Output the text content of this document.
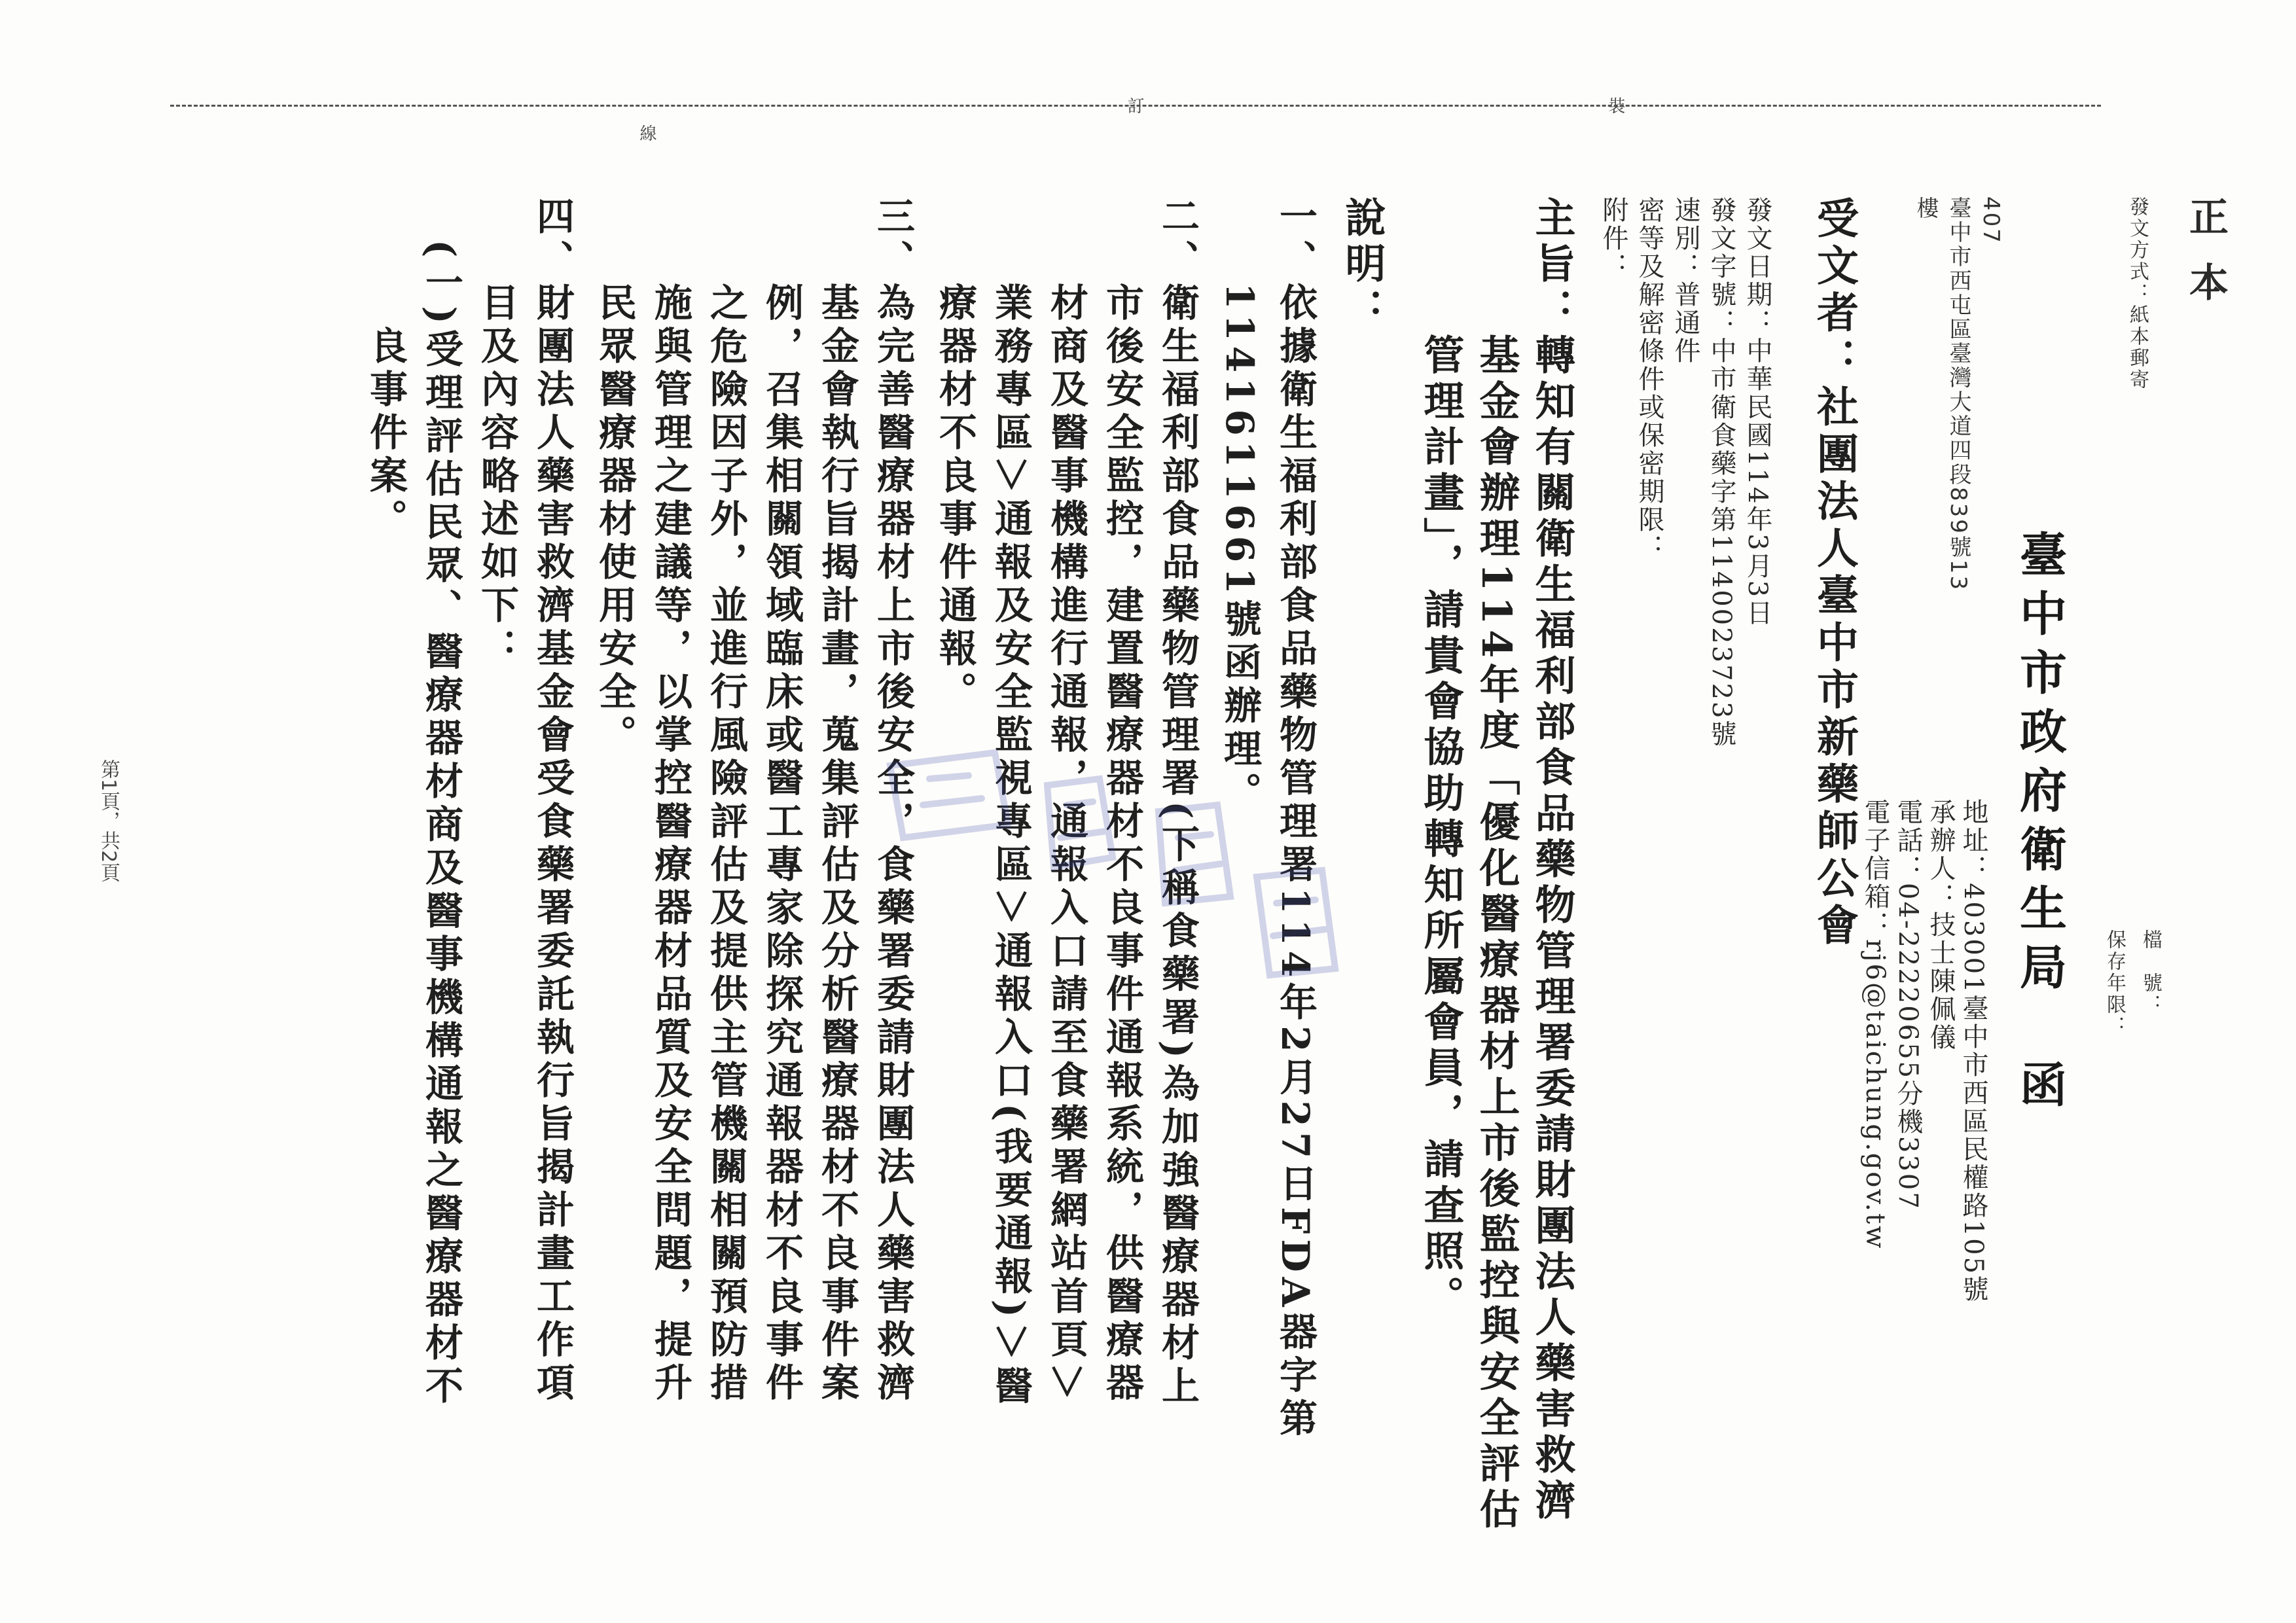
裝
訂
線
正本
發文方式：紙本郵寄
檔　號：
保存年限：
臺中市政府衛生局　函
地址：403001臺中市西區民權路105號
承辦人：技士陳佩儀
電話：04-22220655分機3307
電子信箱：rj6@taichung.gov.tw
407
臺中市西屯區臺灣大道四段839號13
樓
受文者：社團法人臺中市新藥師公會
發文日期：中華民國114年3月3日
發文字號：中市衛食藥字第1140023723號
速別：普通件
密等及解密條件或保密期限：
附件：
主旨：轉知有關衛生福利部食品藥物管理署委請財團法人藥害救濟
　　　基金會辦理114年度「優化醫療器材上市後監控與安全評估
　　　管理計畫」，請貴會協助轉知所屬會員，請查照。
說明：
一、依據衛生福利部食品藥物管理署114年2月27日FDA器字第
　　1141611661號函辦理。
二、衛生福利部食品藥物管理署(下稱食藥署)為加強醫療器材上
　　市後安全監控，建置醫療器材不良事件通報系統，供醫療器
　　材商及醫事機構進行通報，通報入口請至食藥署網站首頁＞
　　業務專區＞通報及安全監視專區＞通報入口(我要通報)＞醫
　　療器材不良事件通報。
三、為完善醫療器材上市後安全，食藥署委請財團法人藥害救濟
　　基金會執行旨揭計畫，蒐集評估及分析醫療器材不良事件案
　　例，召集相關領域臨床或醫工專家除探究通報器材不良事件
　　之危險因子外，並進行風險評估及提供主管機關相關預防措
　　施與管理之建議等，以掌控醫療器材品質及安全問題，提升
　　民眾醫療器材使用安全。
四、財團法人藥害救濟基金會受食藥署委託執行旨揭計畫工作項
　　目及內容略述如下：
　(一)受理評估民眾、醫療器材商及醫事機構通報之醫療器材不
　　　良事件案。
第1頁，共2頁
